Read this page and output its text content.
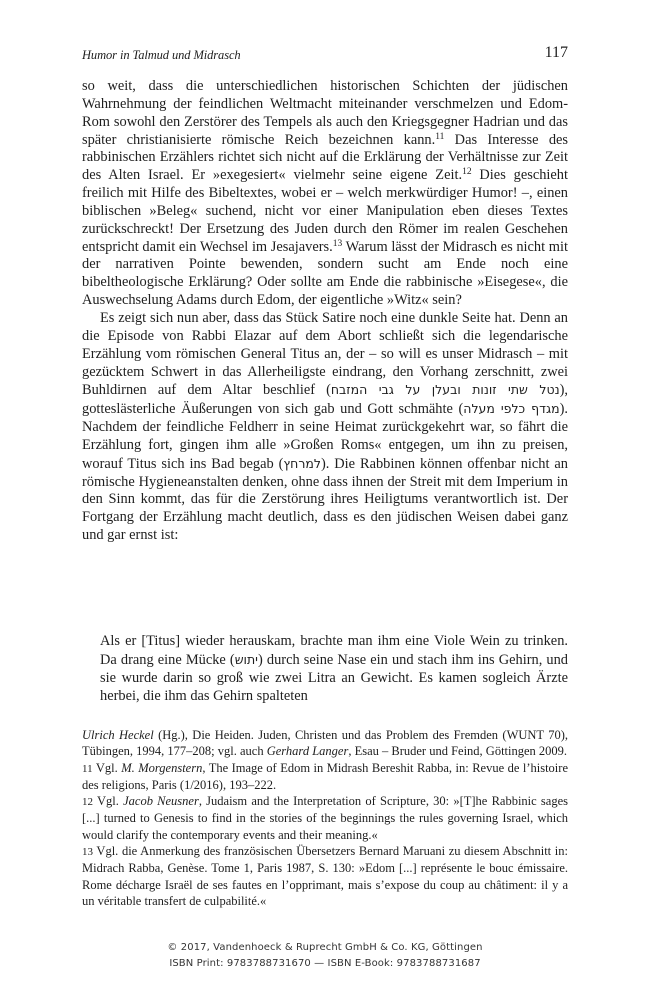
Humor in Talmud und Midrasch	117

so weit, dass die unterschiedlichen historischen Schichten der jüdischen Wahrnehmung der feindlichen Weltmacht miteinander verschmelzen und Edom-Rom sowohl den Zerstörer des Tempels als auch den Kriegsgegner Hadrian und das später christianisierte römische Reich bezeichnen kann.$^{11}$ Das Interesse des rabbinischen Erzählers richtet sich nicht auf die Erklärung der Verhältnisse zur Zeit des Alten Israel. Er »exegesiert« vielmehr seine eigene Zeit.$^{12}$ Dies geschieht freilich mit Hilfe des Bibeltextes, wobei er – welch merkwürdiger Humor! –, einen biblischen »Beleg« suchend, nicht vor einer Manipulation eben dieses Textes zurückschreckt! Der Ersetzung des Juden durch den Römer im realen Geschehen entspricht damit ein Wechsel im Jesajavers.$^{13}$ Warum lässt der Midrasch es nicht mit der narrativen Pointe bewenden, sondern sucht am Ende noch eine bibeltheologische Erklärung? Oder sollte am Ende die rabbinische »Eisegese«, die Auswechselung Adams durch Edom, der eigentliche »Witz« sein?

Es zeigt sich nun aber, dass das Stück Satire noch eine dunkle Seite hat. Denn an die Episode von Rabbi Elazar auf dem Abort schließt sich die legendarische Erzählung vom römischen General Titus an, der – so will es unser Midrasch – mit gezücktem Schwert in das Allerheiligste eindrang, den Vorhang zerschnitt, zwei Buhldirnen auf dem Altar beschlief (נטל שתי זונות ובעלן על גבי המזבח), gotteslästerliche Äußerungen von sich gab und Gott schmähte (מגדף כלפי מעלה). Nachdem der feindliche Feldherr in seine Heimat zurückgekehrt war, so fährt die Erzählung fort, gingen ihm alle »Großen Roms« entgegen, um ihn zu preisen, worauf Titus sich ins Bad begab (למרחץ). Die Rabbinen können offenbar nicht an römische Hygieneanstalten denken, ohne dass ihnen der Streit mit dem Imperium in den Sinn kommt, das für die Zerstörung ihres Heiligtums verantwortlich ist. Der Fortgang der Erzählung macht deutlich, dass es den jüdischen Weisen dabei ganz und gar ernst ist:

Als er [Titus] wieder herauskam, brachte man ihm eine Viole Wein zu trinken. Da drang eine Mücke (יתוש) durch seine Nase ein und stach ihm ins Gehirn, und sie wurde darin so groß wie zwei Litra an Gewicht. Es kamen sogleich Ärzte herbei, die ihm das Gehirn spalteten

Ulrich Heckel (Hg.), Die Heiden. Juden, Christen und das Problem des Fremden (WUNT 70), Tübingen, 1994, 177–208; vgl. auch Gerhard Langer, Esau – Bruder und Feind, Göttingen 2009.

11 Vgl. M. Morgenstern, The Image of Edom in Midrash Bereshit Rabba, in: Revue de l’histoire des religions, Paris (1/2016), 193–222.

12 Vgl. Jacob Neusner, Judaism and the Interpretation of Scripture, 30: »[T]he Rabbinic sages [...] turned to Genesis to find in the stories of the beginnings the rules governing Israel, which would clarify the contemporary events and their meaning.«

13 Vgl. die Anmerkung des französischen Übersetzers Bernard Maruani zu diesem Abschnitt in: Midrach Rabba, Genèse. Tome 1, Paris 1987, S. 130: »Edom [...] représente le bouc émissaire. Rome décharge Israël de ses fautes en l’opprimant, mais s’expose du coup au châtiment: il y a un véritable transfert de culpabilité.«

© 2017, Vandenhoeck & Ruprecht GmbH & Co. KG, Göttingen
ISBN Print: 9783788731670 — ISBN E-Book: 9783788731687
